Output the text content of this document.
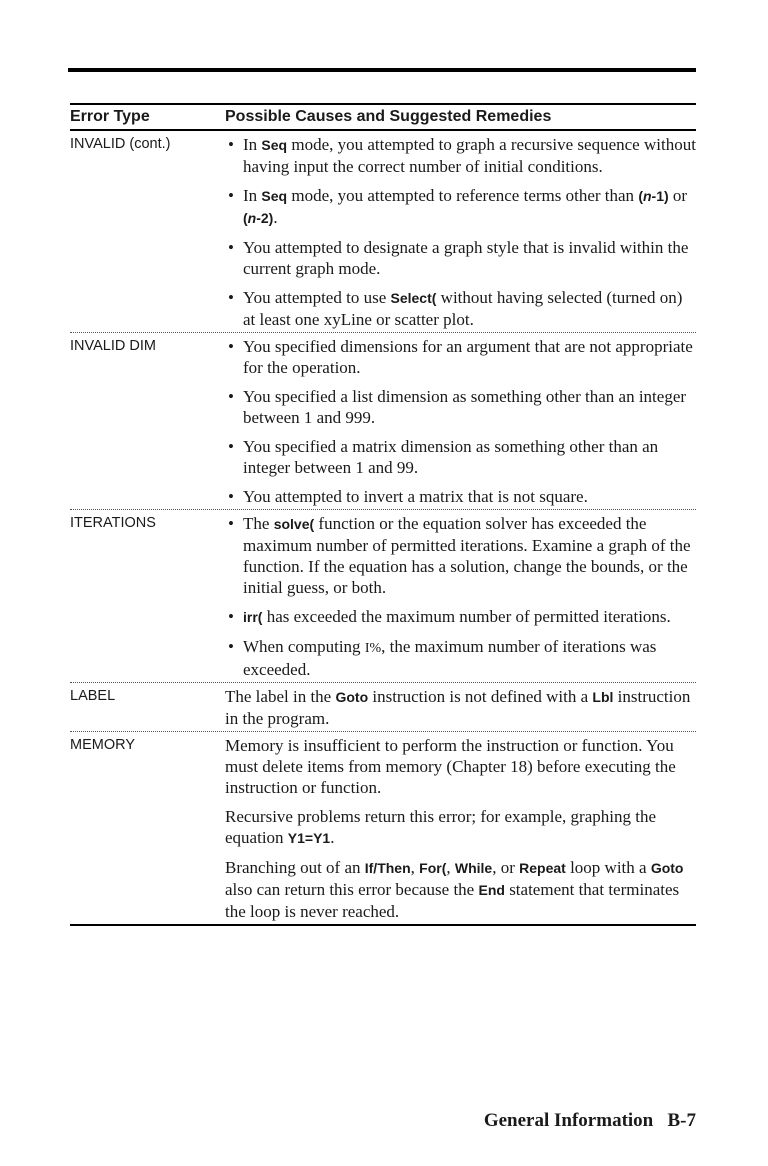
Error Type	Possible Causes and Suggested Remedies
INVALID (cont.)	• In Seq mode, you attempted to graph a recursive sequence without having input the correct number of initial conditions.
• In Seq mode, you attempted to reference terms other than (n‑1) or (n‑2).
• You attempted to designate a graph style that is invalid within the current graph mode.
• You attempted to use Select( without having selected (turned on) at least one xyLine or scatter plot.
INVALID DIM	• You specified dimensions for an argument that are not appropriate for the operation.
• You specified a list dimension as something other than an integer between 1 and 999.
• You specified a matrix dimension as something other than an integer between 1 and 99.
• You attempted to invert a matrix that is not square.
ITERATIONS	• The solve( function or the equation solver has exceeded the maximum number of permitted iterations. Examine a graph of the function. If the equation has a solution, change the bounds, or the initial guess, or both.
• irr( has exceeded the maximum number of permitted iterations.
• When computing I%, the maximum number of iterations was exceeded.
LABEL	The label in the Goto instruction is not defined with a Lbl instruction in the program.
MEMORY	Memory is insufficient to perform the instruction or function. You must delete items from memory (Chapter 18) before executing the instruction or function.
Recursive problems return this error; for example, graphing the equation Y1=Y1.
Branching out of an If/Then, For(, While, or Repeat loop with a Goto also can return this error because the End statement that terminates the loop is never reached.
General Information B-7
